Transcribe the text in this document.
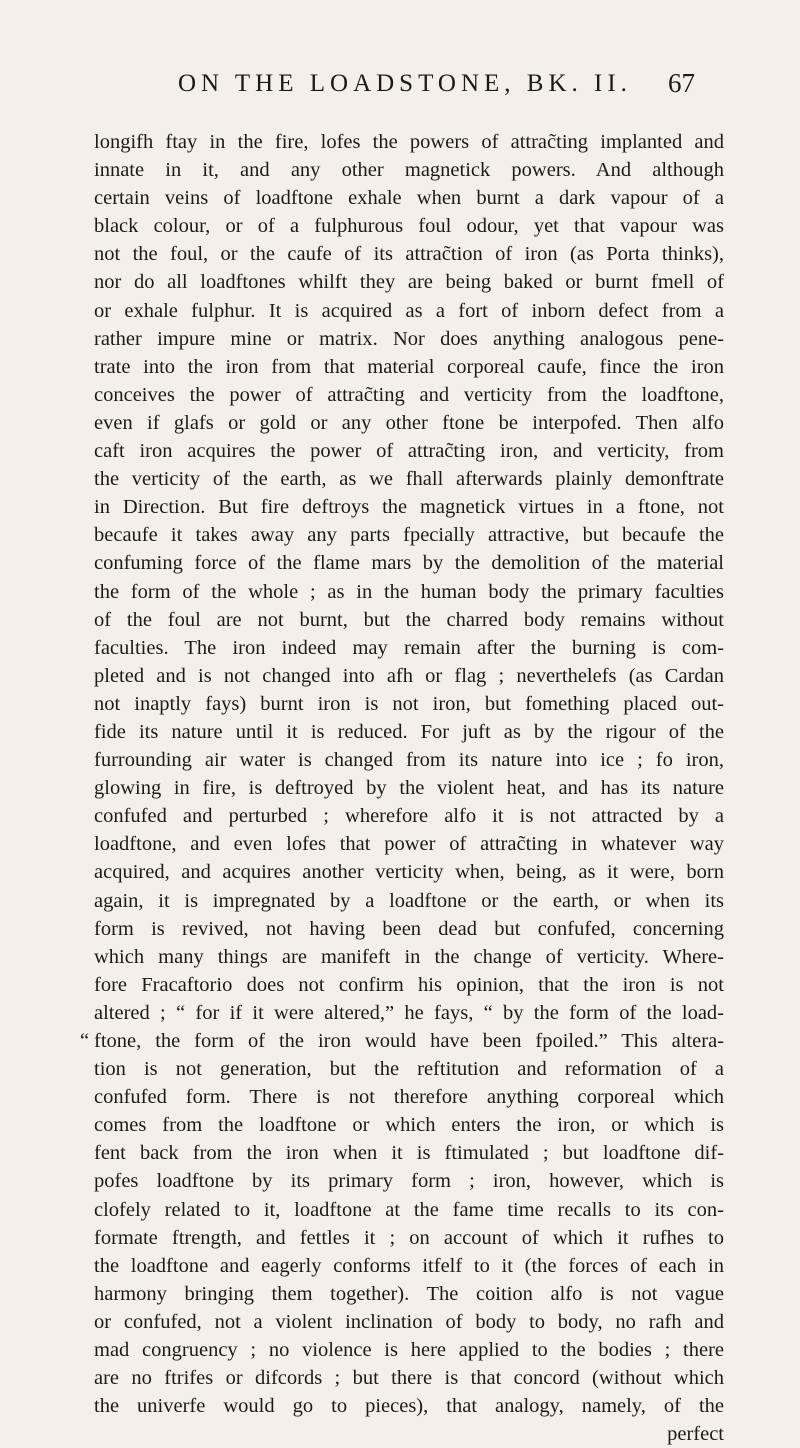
ON THE LOADSTONE, BK. II.	67
longifh ftay in the fire, lofes the powers of attrac̃ting implanted and
innate in it, and any other magnetick powers. And although
certain veins of loadftone exhale when burnt a dark vapour of a
black colour, or of a fulphurous foul odour, yet that vapour was
not the foul, or the caufe of its attrac̃tion of iron (as Porta thinks),
nor do all loadftones whilft they are being baked or burnt fmell of
or exhale fulphur. It is acquired as a fort of inborn defect from a
rather impure mine or matrix. Nor does anything analogous pene-
trate into the iron from that material corporeal caufe, fince the iron
conceives the power of attrac̃ting and verticity from the loadftone,
even if glafs or gold or any other ftone be interpofed. Then alfo
caft iron acquires the power of attrac̃ting iron, and verticity, from
the verticity of the earth, as we fhall afterwards plainly demonftrate
in Direction. But fire deftroys the magnetick virtues in a ftone, not
becaufe it takes away any parts fpecially attractive, but becaufe the
confuming force of the flame mars by the demolition of the material
the form of the whole ; as in the human body the primary faculties
of the foul are not burnt, but the charred body remains without
faculties. The iron indeed may remain after the burning is com-
pleted and is not changed into afh or flag ; neverthelefs (as Cardan
not inaptly fays) burnt iron is not iron, but fomething placed out-
fide its nature until it is reduced. For juft as by the rigour of the
furrounding air water is changed from its nature into ice ; fo iron,
glowing in fire, is deftroyed by the violent heat, and has its nature
confufed and perturbed ; wherefore alfo it is not attracted by a
loadftone, and even lofes that power of attrac̃ting in whatever way
acquired, and acquires another verticity when, being, as it were, born
again, it is impregnated by a loadftone or the earth, or when its
form is revived, not having been dead but confufed, concerning
which many things are manifeft in the change of verticity. Where-
fore Fracaftorio does not confirm his opinion, that the iron is not
altered ; “ for if it were altered,” he fays, “ by the form of the load-
“ ftone, the form of the iron would have been fpoiled.” This altera-
tion is not generation, but the reftitution and reformation of a
confufed form. There is not therefore anything corporeal which
comes from the loadftone or which enters the iron, or which is
fent back from the iron when it is ftimulated ; but loadftone dif-
pofes loadftone by its primary form ; iron, however, which is
clofely related to it, loadftone at the fame time recalls to its con-
formate ftrength, and fettles it ; on account of which it rufhes to
the loadftone and eagerly conforms itfelf to it (the forces of each in
harmony bringing them together). The coition alfo is not vague
or confufed, not a violent inclination of body to body, no rafh and
mad congruency ; no violence is here applied to the bodies ; there
are no ftrifes or difcords ; but there is that concord (without which
the univerfe would go to pieces), that analogy, namely, of the
perfect
